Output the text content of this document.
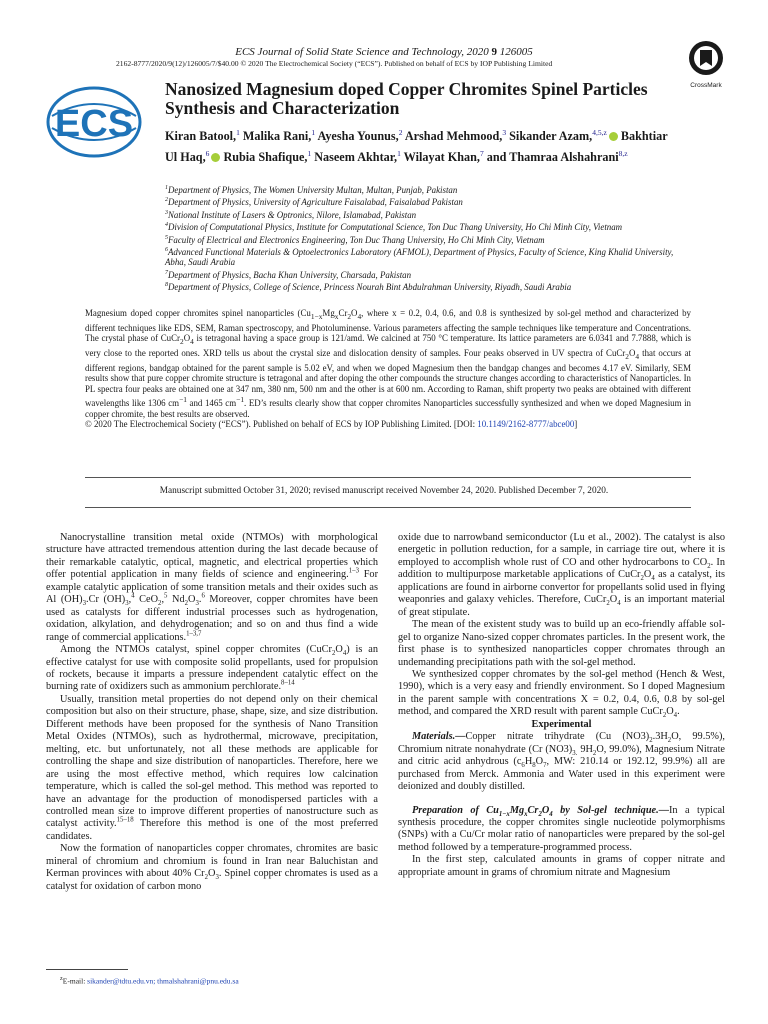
ECS Journal of Solid State Science and Technology, 2020 9 126005
2162-8777/2020/9(12)/126005/7/$40.00 © 2020 The Electrochemical Society (“ECS”). Published on behalf of ECS by IOP Publishing Limited
CrossMark
ECS
Nanosized Magnesium doped Copper Chromites Spinel Particles Synthesis and Characterization
Kiran Batool,$^1$ Malika Rani,$^1$ Ayesha Younus,$^2$ Arshad Mehmood,$^3$ Sikander Azam,$^{4,5,z}$ Bakhtiar Ul Haq,$^6$ Rubia Shafique,$^1$ Naseem Akhtar,$^1$ Wilayat Khan,$^7$ and Thamraa Alshahrani$^{8,z}$
$^1$Department of Physics, The Women University Multan, Multan, Punjab, Pakistan
$^2$Department of Physics, University of Agriculture Faisalabad, Faisalabad Pakistan
$^3$National Institute of Lasers & Optronics, Nilore, Islamabad, Pakistan
$^4$Division of Computational Physics, Institute for Computational Science, Ton Duc Thang University, Ho Chi Minh City, Vietnam
$^5$Faculty of Electrical and Electronics Engineering, Ton Duc Thang University, Ho Chi Minh City, Vietnam
$^6$Advanced Functional Materials & Optoelectronics Laboratory (AFMOL), Department of Physics, Faculty of Science, King Khalid University, Abha, Saudi Arabia
$^7$Department of Physics, Bacha Khan University, Charsada, Pakistan
$^8$Department of Physics, College of Science, Princess Nourah Bint Abdulrahman University, Riyadh, Saudi Arabia
Magnesium doped copper chromites spinel nanoparticles ($Cu_{1-x}Mg_xCr_2O_4$, where x = 0.2, 0.4, 0.6, and 0.8 is synthesized by sol-gel method and characterized by different techniques like EDS, SEM, Raman spectroscopy, and Photoluminense. Various parameters affecting the sample techniques like temperature and Concentrations. The crystal phase of $CuCr_2O_4$ is tetragonal having a space group is 121/amd. We calcined at 750 °C temperature. Its lattice parameters are 6.0341 and 7.7888, which is very close to the reported ones. XRD tells us about the crystal size and dislocation density of samples. Four peaks observed in UV spectra of $CuCr_2O_4$ that occurs at different regions, bandgap obtained for the parent sample is 5.02 eV, and when we doped Magnesium then the bandgap changes and becomes 4.17 eV. Similarly, SEM results show that pure copper chromite structure is tetragonal and after doping the other compounds the structure changes according to characteristics of Nanoparticles. In PL spectra four peaks are obtained one at 347 nm, 380 nm, 500 nm and the other is at 600 nm. According to Raman, shift property two peaks are obtained with different wavelengths like 1306 $cm^{-1}$ and 1465 $cm^{-1}$. ED’s results clearly show that copper chromites Nanoparticles successfully synthesized and when we doped Magnesium in copper chromite, the best results are observed.
© 2020 The Electrochemical Society (“ECS”). Published on behalf of ECS by IOP Publishing Limited. [DOI: 10.1149/2162-8777/abce00]
Manuscript submitted October 31, 2020; revised manuscript received November 24, 2020. Published December 7, 2020.

Nanocrystalline transition metal oxide (NTMOs) with morphological structure have attracted tremendous attention during the last decade because of their remarkable catalytic, optical, magnetic, and electrical properties which offer potential application in many fields of science and engineering.$^{1-3}$ For example catalytic application of some transition metals and their oxides such as Al $(OH)_3.Cr$ $(OH)_3,^4$ CeO$_2$,$^5$ $Nd_2O_3.^6$ Moreover, copper chromites have been used as catalysts for different industrial processes such as hydrogenation, oxidation, alkylation, and dehydrogenation; and so on and thus find a wide range of commercial applications.$^{1-3,7}$

Among the NTMOs catalyst, spinel copper chromites $(CuCr_2O_4)$ is an effective catalyst for use with composite solid propellants, used for propulsion of rockets, because it imparts a pressure independent catalytic effect on the burning rate of oxidizers such as ammonium perchlorate.$^{8-14}$

Usually, transition metal properties do not depend only on their chemical composition but also on their structure, phase, shape, size, and size distribution. Different methods have been proposed for the synthesis of Nano Transition Metal Oxides (NTMOs), such as hydrothermal, microwave, precipitation, melting, etc. but unfortunately, not all these methods are applicable for controlling the shape and size distribution of nanoparticles. Therefore, here we are using the most effective method, which requires low calcination temperature, which is called the sol-gel method. This method was reported to have an advantage for the production of monodispersed particles with a controlled mean size to improve different properties of nanostructure such as catalyst activity.$^{15-18}$ Therefore this method is one of the most preferred candidates.

Now the formation of nanoparticles copper chromates, chromites are basic mineral of chromium and chromium is found in Iran near Baluchistan and Kerman provinces with about 40% $Cr_2O_3$. Spinel copper chromates is used as a catalyst for oxidation of carbon mono

oxide due to narrowband semiconductor (Lu et al., 2002). The catalyst is also energetic in pollution reduction, for a sample, in carriage tire out, where it is employed to accomplish whole rust of CO and other hydrocarbons to $CO_2$. In addition to multipurpose marketable applications of $CuCr_2O_4$ as a catalyst, its applications are found in airborne convertor for propellants solid used in flying weaponries and galaxy vehicles. Therefore, $CuCr_2O_4$ is an important material of great stipulate.

The mean of the existent study was to build up an eco-friendly affable sol-gel to organize Nano-sized copper chromates particles. In the present work, the first phase is to synthesized nanoparticles copper chromates through an undemanding precipitations path with the sol-gel method.

We synthesized copper chromates by the sol-gel method (Hench & West, 1990), which is a very easy and friendly environment. So I doped Magnesium in the parent sample with concentrations X = 0.2, 0.4, 0.6, 0.8 by sol-gel method, and compared the XRD result with parent sample $CuCr_2O_4$.

Experimental

Materials.—Copper nitrate trihydrate (Cu $(NO3)_2.3H_2O$, 99.5%), Chromium nitrate nonahydrate (Cr $(NO3)_{3.}$ $9H_2O$, 99.0%), Magnesium Nitrate and citric acid anhydrous ($c_6H_8O_7$, MW: 210.14 or 192.12, 99.9%) all are purchased from Merck. Ammonia and Water used in this experiment were deionized and doubly distilled.

Preparation of $Cu_{1-x}Mg_xCr_2O_4$ by Sol-gel technique.—In a typical synthesis procedure, the copper chromites single nucleotide polymorphisms (SNPs) with a Cu/Cr molar ratio of nanoparticles were prepared by the sol-gel method followed by a temperature-programmed process.

In the first step, calculated amounts in grams of copper nitrate and appropriate amount in grams of chromium nitrate and Magnesium

$^z$E-mail: sikander@tdtu.edu.vn; thmalshahrani@pnu.edu.sa
